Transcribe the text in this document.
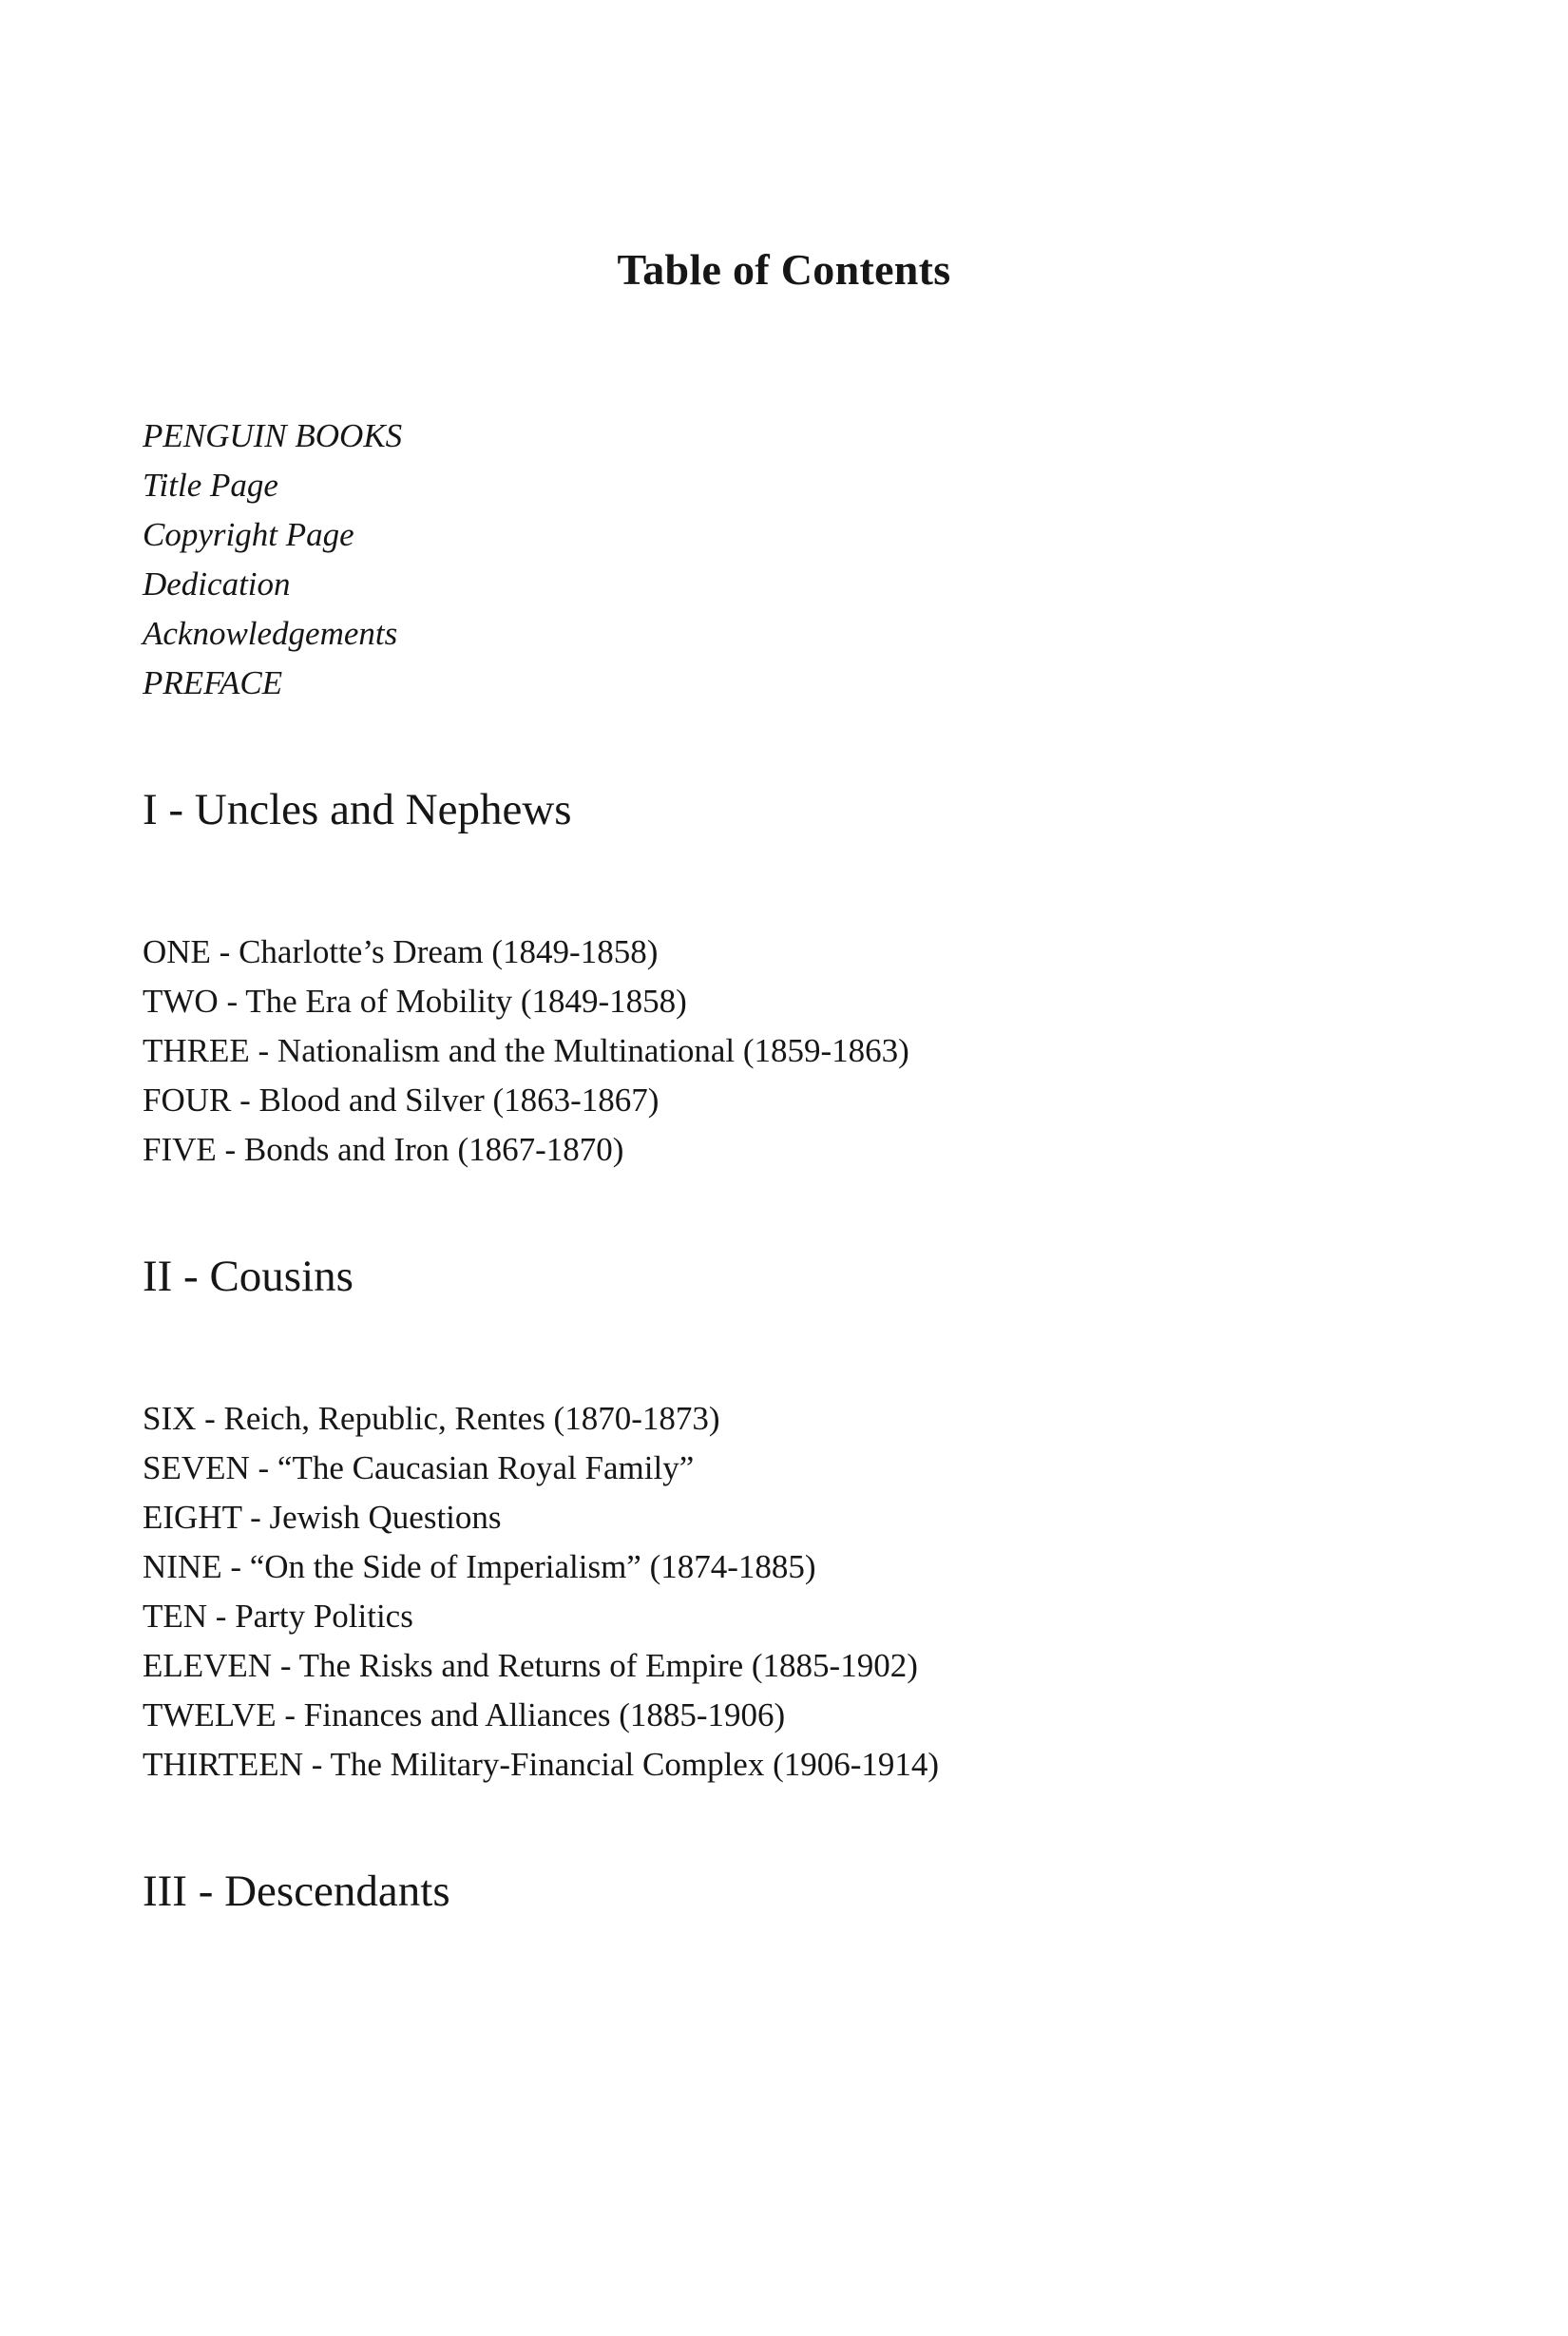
Table of Contents
PENGUIN BOOKS
Title Page
Copyright Page
Dedication
Acknowledgements
PREFACE
I - Uncles and Nephews
ONE - Charlotte’s Dream (1849-1858)
TWO - The Era of Mobility (1849-1858)
THREE - Nationalism and the Multinational (1859-1863)
FOUR - Blood and Silver (1863-1867)
FIVE - Bonds and Iron (1867-1870)
II - Cousins
SIX - Reich, Republic, Rentes (1870-1873)
SEVEN - “The Caucasian Royal Family”
EIGHT - Jewish Questions
NINE - “On the Side of Imperialism” (1874-1885)
TEN - Party Politics
ELEVEN - The Risks and Returns of Empire (1885-1902)
TWELVE - Finances and Alliances (1885-1906)
THIRTEEN - The Military-Financial Complex (1906-1914)
III - Descendants
